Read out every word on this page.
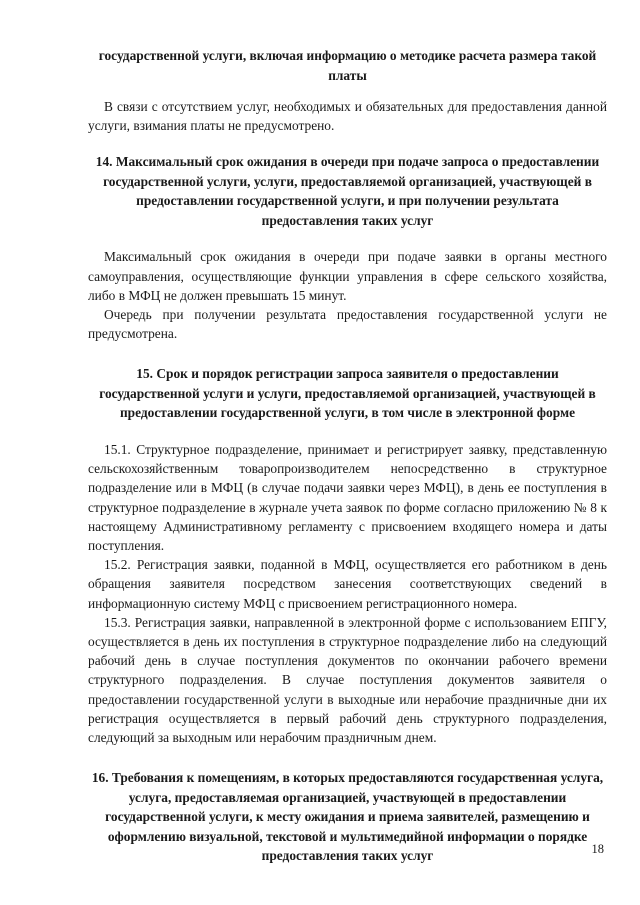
государственной услуги, включая информацию о методике расчета размера такой платы

В связи с отсутствием услуг, необходимых и обязательных для предоставления данной услуги, взимания платы не предусмотрено.

14. Максимальный срок ожидания в очереди при подаче запроса о предоставлении государственной услуги, услуги, предоставляемой организацией, участвующей в предоставлении государственной услуги, и при получении результата предоставления таких услуг

Максимальный срок ожидания в очереди при подаче заявки в органы местного самоуправления, осуществляющие функции управления в сфере сельского хозяйства, либо в МФЦ не должен превышать 15 минут.

Очередь при получении результата предоставления государственной услуги не предусмотрена.

15. Срок и порядок регистрации запроса заявителя о предоставлении государственной услуги и услуги, предоставляемой организацией, участвующей в предоставлении государственной услуги, в том числе в электронной форме

15.1. Структурное подразделение, принимает и регистрирует заявку, представленную сельскохозяйственным товаропроизводителем непосредственно в структурное подразделение или в МФЦ (в случае подачи заявки через МФЦ), в день ее поступления в структурное подразделение в журнале учета заявок по форме согласно приложению № 8 к настоящему Административному регламенту с присвоением входящего номера и даты поступления.

15.2. Регистрация заявки, поданной в МФЦ, осуществляется его работником в день обращения заявителя посредством занесения соответствующих сведений в информационную систему МФЦ с присвоением регистрационного номера.

15.3. Регистрация заявки, направленной в электронной форме с использованием ЕПГУ, осуществляется в день их поступления в структурное подразделение либо на следующий рабочий день в случае поступления документов по окончании рабочего времени структурного подразделения. В случае поступления документов заявителя о предоставлении государственной услуги в выходные или нерабочие праздничные дни их регистрация осуществляется в первый рабочий день структурного подразделения, следующий за выходным или нерабочим праздничным днем.

16. Требования к помещениям, в которых предоставляются государственная услуга, услуга, предоставляемая организацией, участвующей в предоставлении государственной услуги, к месту ожидания и приема заявителей, размещению и оформлению визуальной, текстовой и мультимедийной информации о порядке предоставления таких услуг	18
